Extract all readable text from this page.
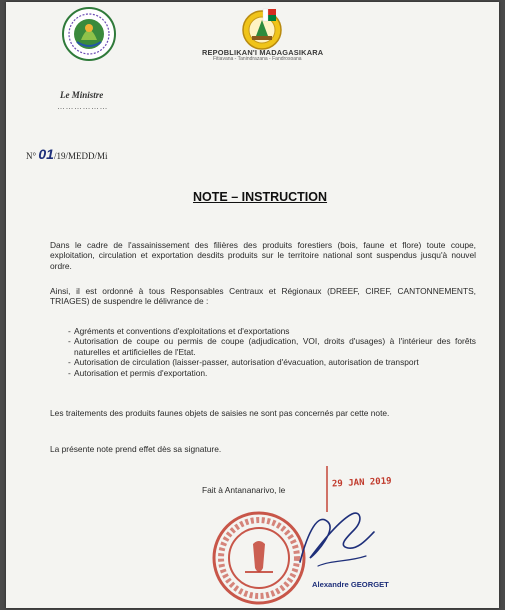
REPOBLIKAN'I MADAGASIKARA
Fitiavana - Tanindrazana - Fandrosoana
Le Ministre
………………
N° 01/19/MEDD/Mi
NOTE – INSTRUCTION
Dans le cadre de l'assainissement des filières des produits forestiers (bois, faune et flore) toute coupe, exploitation, circulation et exportation desdits produits sur le territoire national sont suspendus jusqu'à nouvel ordre.
Ainsi, il est ordonné à tous Responsables Centraux et Régionaux (DREEF, CIREF, CANTONNEMENTS, TRIAGES) de suspendre le délivrance de :
- Agréments et conventions d'exploitations et d'exportations
- Autorisation de coupe ou permis de coupe (adjudication, VOI, droits d'usages) à l'intérieur des forêts naturelles et artificielles de l'Etat.
- Autorisation de circulation (laisser-passer, autorisation d'évacuation, autorisation de transport
- Autorisation et permis d'exportation.
Les traitements des produits faunes objets de saisies ne sont pas concernés par cette note.
La présente note prend effet dès sa signature.
Fait à Antananarivo, le
29 JAN 2019
Alexandre GEORGET
